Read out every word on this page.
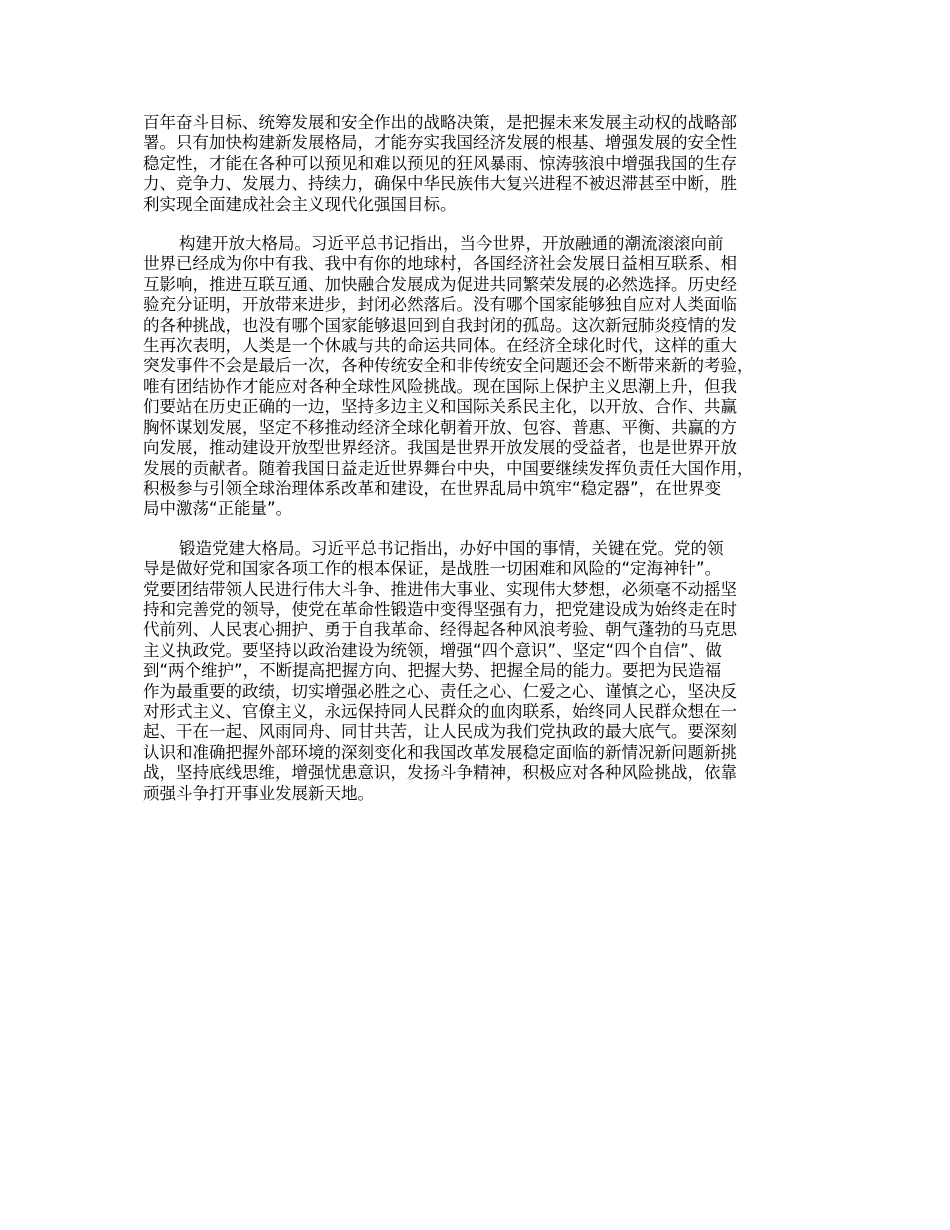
百年奋斗目标、统筹发展和安全作出的战略决策，是把握未来发展主动权的战略部
署。只有加快构建新发展格局，才能夯实我国经济发展的根基、增强发展的安全性
稳定性，才能在各种可以预见和难以预见的狂风暴雨、惊涛骇浪中增强我国的生存
力、竞争力、发展力、持续力，确保中华民族伟大复兴进程不被迟滞甚至中断，胜
利实现全面建成社会主义现代化强国目标。
构建开放大格局。习近平总书记指出，当今世界，开放融通的潮流滚滚向前
世界已经成为你中有我、我中有你的地球村，各国经济社会发展日益相互联系、相
互影响，推进互联互通、加快融合发展成为促进共同繁荣发展的必然选择。历史经
验充分证明，开放带来进步，封闭必然落后。没有哪个国家能够独自应对人类面临
的各种挑战，也没有哪个国家能够退回到自我封闭的孤岛。这次新冠肺炎疫情的发
生再次表明，人类是一个休戚与共的命运共同体。在经济全球化时代，这样的重大
突发事件不会是最后一次，各种传统安全和非传统安全问题还会不断带来新的考验，
唯有团结协作才能应对各种全球性风险挑战。现在国际上保护主义思潮上升，但我
们要站在历史正确的一边，坚持多边主义和国际关系民主化，以开放、合作、共赢
胸怀谋划发展，坚定不移推动经济全球化朝着开放、包容、普惠、平衡、共赢的方
向发展，推动建设开放型世界经济。我国是世界开放发展的受益者，也是世界开放
发展的贡献者。随着我国日益走近世界舞台中央，中国要继续发挥负责任大国作用，
积极参与引领全球治理体系改革和建设，在世界乱局中筑牢“稳定器”，在世界变
局中激荡“正能量”。
锻造党建大格局。习近平总书记指出，办好中国的事情，关键在党。党的领
导是做好党和国家各项工作的根本保证，是战胜一切困难和风险的“定海神针”。
党要团结带领人民进行伟大斗争、推进伟大事业、实现伟大梦想，必须毫不动摇坚
持和完善党的领导，使党在革命性锻造中变得坚强有力，把党建设成为始终走在时
代前列、人民衷心拥护、勇于自我革命、经得起各种风浪考验、朝气蓬勃的马克思
主义执政党。要坚持以政治建设为统领，增强“四个意识”、坚定“四个自信”、做
到“两个维护”，不断提高把握方向、把握大势、把握全局的能力。要把为民造福
作为最重要的政绩，切实增强必胜之心、责任之心、仁爱之心、谨慎之心，坚决反
对形式主义、官僚主义，永远保持同人民群众的血肉联系，始终同人民群众想在一
起、干在一起、风雨同舟、同甘共苦，让人民成为我们党执政的最大底气。要深刻
认识和准确把握外部环境的深刻变化和我国改革发展稳定面临的新情况新问题新挑
战，坚持底线思维，增强忧患意识，发扬斗争精神，积极应对各种风险挑战，依靠
顽强斗争打开事业发展新天地。
